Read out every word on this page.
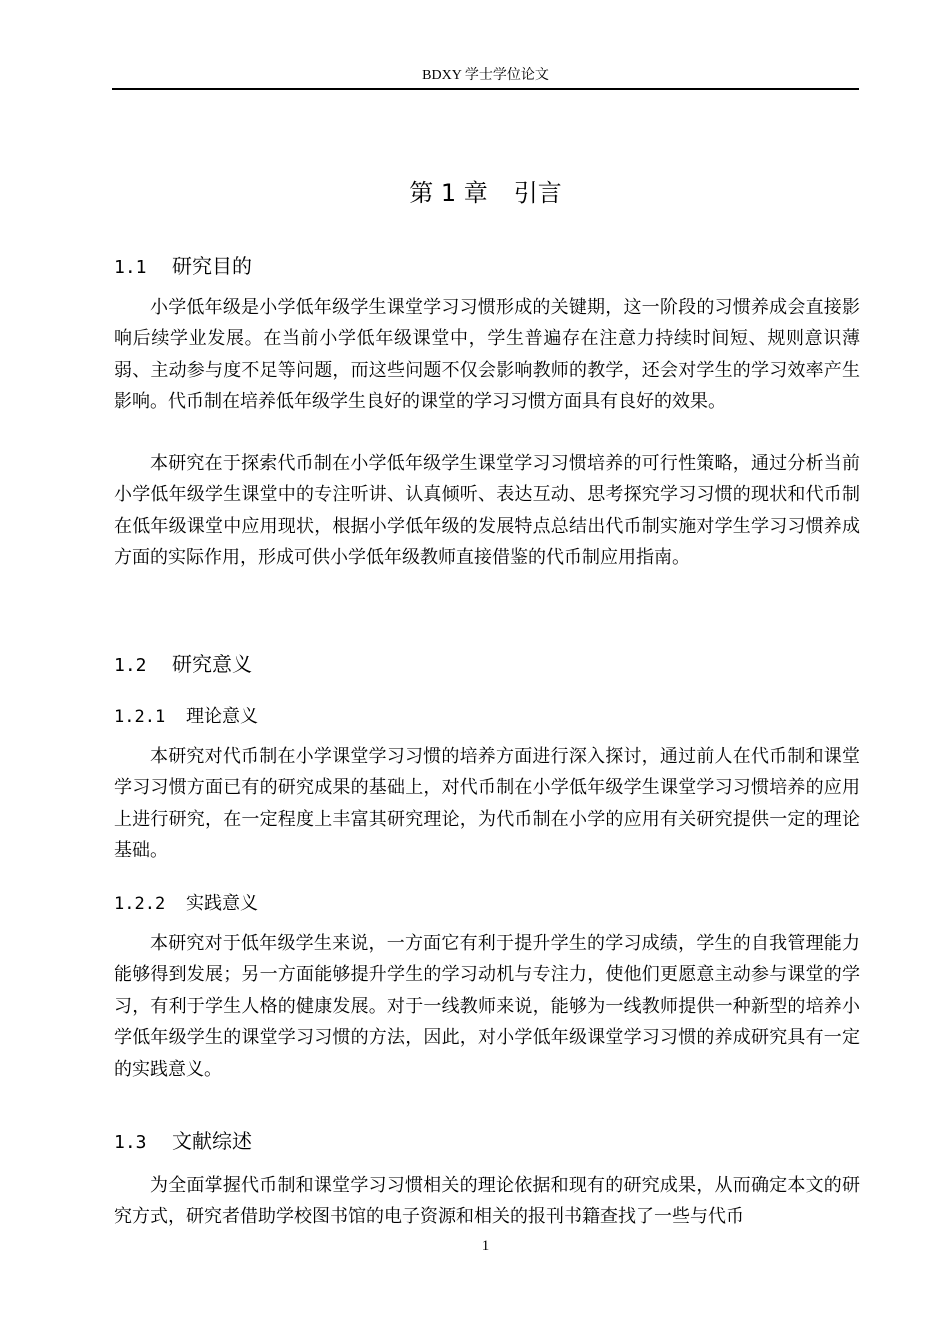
BDXY 学士学位论文
第 1 章 引言
1.1 研究目的

小学低年级是小学低年级学生课堂学习习惯形成的关键期，这一阶段的习惯养成会直接影响后续学业发展。在当前小学低年级课堂中，学生普遍存在注意力持续时间短、规则意识薄弱、主动参与度不足等问题，而这些问题不仅会影响教师的教学，还会对学生的学习效率产生影响。代币制在培养低年级学生良好的课堂的学习习惯方面具有良好的效果。

本研究在于探索代币制在小学低年级学生课堂学习习惯培养的可行性策略，通过分析当前小学低年级学生课堂中的专注听讲、认真倾听、表达互动、思考探究学习习惯的现状和代币制在低年级课堂中应用现状，根据小学低年级的发展特点总结出代币制实施对学生学习习惯养成方面的实际作用，形成可供小学低年级教师直接借鉴的代币制应用指南。

1.2 研究意义
1.2.1 理论意义

本研究对代币制在小学课堂学习习惯的培养方面进行深入探讨，通过前人在代币制和课堂学习习惯方面已有的研究成果的基础上，对代币制在小学低年级学生课堂学习习惯培养的应用上进行研究，在一定程度上丰富其研究理论，为代币制在小学的应用有关研究提供一定的理论基础。

1.2.2 实践意义

本研究对于低年级学生来说，一方面它有利于提升学生的学习成绩，学生的自我管理能力能够得到发展；另一方面能够提升学生的学习动机与专注力，使他们更愿意主动参与课堂的学习，有利于学生人格的健康发展。对于一线教师来说，能够为一线教师提供一种新型的培养小学低年级学生的课堂学习习惯的方法，因此，对小学低年级课堂学习习惯的养成研究具有一定的实践意义。

1.3 文献综述

为全面掌握代币制和课堂学习习惯相关的理论依据和现有的研究成果，从而确定本文的研究方式，研究者借助学校图书馆的电子资源和相关的报刊书籍查找了一些与代币

1
